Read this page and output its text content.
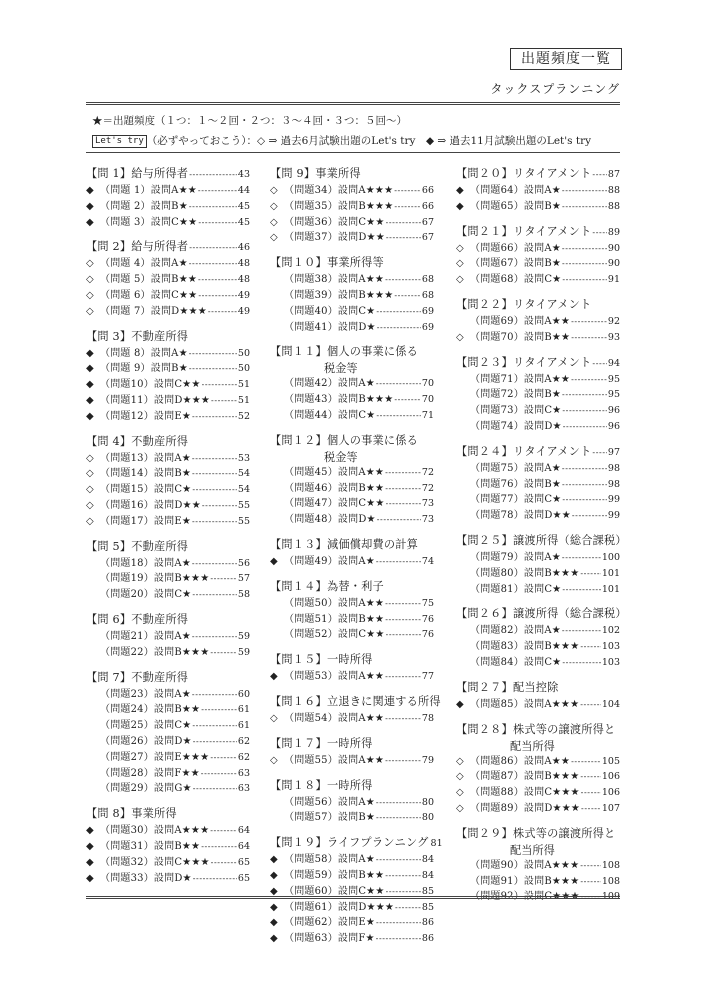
出題頻度一覧
タックスプランニング
★＝出題頻度（１つ：１～２回・２つ：３～４回・３つ：５回～）
Let's try （必ずやっておこう）：◇ ⇒ 過去6月試験出題のLet's try　◆ ⇒ 過去11月試験出題のLet's try
【問 1】給与所得者 -----	43
◆ （問題 1）設問A★★ -----	44
◆ （問題 2）設問B★ -----	45
◆ （問題 3）設問C★★ -----	45
【問 2】給与所得者 -----	46
◇ （問題 4）設問A★ -----	48
◇ （問題 5）設問B★★ -----	48
◇ （問題 6）設問C★★ -----	49
◇ （問題 7）設問D★★★ -----	49
【問 3】不動産所得
◆ （問題 8）設問A★ -----	50
◆ （問題 9）設問B★ -----	50
◆ （問題10）設問C★★ -----	51
◆ （問題11）設問D★★★ -----	51
◆ （問題12）設問E★ -----	52
【問 4】不動産所得
◇ （問題13）設問A★ -----	53
◇ （問題14）設問B★ -----	54
◇ （問題15）設問C★ -----	54
◇ （問題16）設問D★★ -----	55
◇ （問題17）設問E★ -----	55
【問 5】不動産所得
（問題18）設問A★ -----	56
（問題19）設問B★★★ -----	57
（問題20）設問C★ -----	58
【問 6】不動産所得
（問題21）設問A★ -----	59
（問題22）設問B★★★ -----	59
【問 7】不動産所得
（問題23）設問A★ -----	60
（問題24）設問B★★ -----	61
（問題25）設問C★ -----	61
（問題26）設問D★ -----	62
（問題27）設問E★★★ -----	62
（問題28）設問F★★ -----	63
（問題29）設問G★ -----	63
【問 8】事業所得
◆ （問題30）設問A★★★ -----	64
◆ （問題31）設問B★★ -----	64
◆ （問題32）設問C★★★ -----	65
◆ （問題33）設問D★ -----	65
【問 9】事業所得
◇ （問題34）設問A★★★ -----	66
◇ （問題35）設問B★★★ -----	66
◇ （問題36）設問C★★ -----	67
◇ （問題37）設問D★★ -----	67
【問１０】事業所得等
（問題38）設問A★★ -----	68
（問題39）設問B★★★ -----	68
（問題40）設問C★ -----	69
（問題41）設問D★ -----	69
【問１１】個人の事業に係る
税金等
（問題42）設問A★ -----	70
（問題43）設問B★★★ -----	70
（問題44）設問C★ -----	71
【問１２】個人の事業に係る
税金等
（問題45）設問A★★ -----	72
（問題46）設問B★★ -----	72
（問題47）設問C★★ -----	73
（問題48）設問D★ -----	73
【問１３】減価償却費の計算
◆ （問題49）設問A★ -----	74
【問１４】為替・利子
（問題50）設問A★★ -----	75
（問題51）設問B★★ -----	76
（問題52）設問C★★ -----	76
【問１５】一時所得
◆ （問題53）設問A★★ -----	77
【問１６】立退きに関連する所得
◇ （問題54）設問A★★ -----	78
【問１７】一時所得
◇ （問題55）設問A★★ -----	79
【問１８】一時所得
（問題56）設問A★ -----	80
（問題57）設問B★ -----	80
【問１９】ライフプランニング 81
◆ （問題58）設問A★ -----	84
◆ （問題59）設問B★★ -----	84
◆ （問題60）設問C★★ -----	85
◆ （問題61）設問D★★★ -----	85
◆ （問題62）設問E★ -----	86
◆ （問題63）設問F★ -----	86
【問２０】リタイアメント ----- 87
◆ （問題64）設問A★ -----	88
◆ （問題65）設問B★ -----	88
【問２１】リタイアメント ----- 89
◇ （問題66）設問A★ -----	90
◇ （問題67）設問B★ -----	90
◇ （問題68）設問C★ -----	91
【問２２】リタイアメント
（問題69）設問A★★ -----	92
◇ （問題70）設問B★★ -----	93
【問２３】リタイアメント ----- 94
（問題71）設問A★★ -----	95
（問題72）設問B★ -----	95
（問題73）設問C★ -----	96
（問題74）設問D★ -----	96
【問２４】リタイアメント ----- 97
（問題75）設問A★ -----	98
（問題76）設問B★ -----	98
（問題77）設問C★ -----	99
（問題78）設問D★★ -----	99
【問２５】譲渡所得（総合課税）
（問題79）設問A★ -----	100
（問題80）設問B★★★ ----- 101
（問題81）設問C★ -----	101
【問２６】譲渡所得（総合課税）
（問題82）設問A★ -----	102
（問題83）設問B★★★ ----- 103
（問題84）設問C★ -----	103
【問２７】配当控除
◆ （問題85）設問A★★★ ----- 104
【問２８】株式等の譲渡所得と
配当所得
◇ （問題86）設問A★★ -----	105
◇ （問題87）設問B★★★ ----- 106
◇ （問題88）設問C★★★ ----- 106
◇ （問題89）設問D★★★ ----- 107
【問２９】株式等の譲渡所得と
配当所得
（問題90）設問A★★★ ----- 108
（問題91）設問B★★★ ----- 108
（問題92）設問C★★★ ----- 109
